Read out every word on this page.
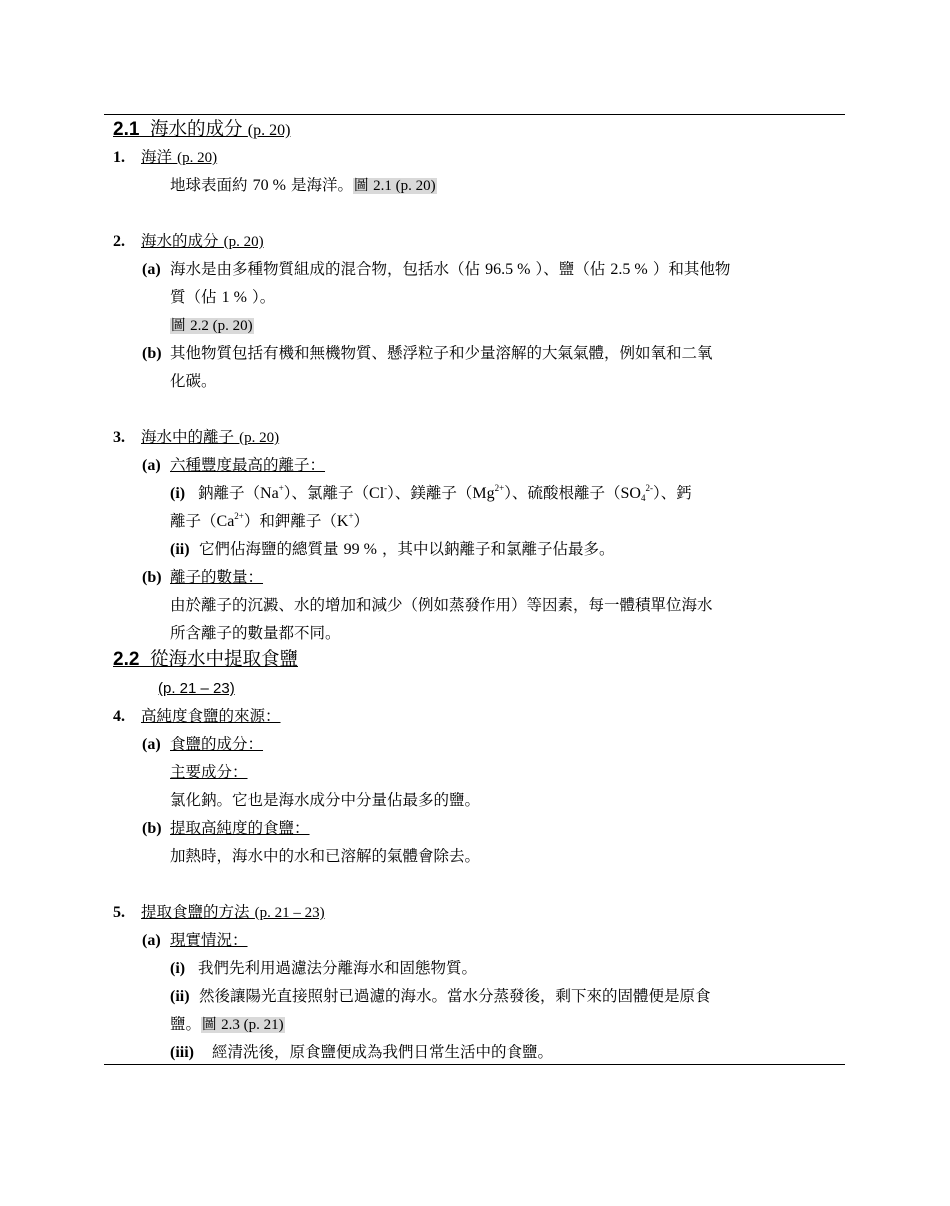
2.1 海水的成分 (p. 20)
1. 海洋 (p. 20)
地球表面約 70 % 是海洋。圖 2.1 (p. 20)
2. 海水的成分 (p. 20)
(a) 海水是由多種物質組成的混合物，包括水（佔 96.5 % ）、鹽（佔 2.5 % ）和其他物
質（佔 1 % ）。
圖 2.2 (p. 20)
(b) 其他物質包括有機和無機物質、懸浮粒子和少量溶解的大氣氣體，例如氧和二氧
化碳。
3. 海水中的離子 (p. 20)
(a) 六種豐度最高的離子：
(i) 鈉離子（Na+）、氯離子（Cl-）、鎂離子$(Mg^{2+})$、硫酸根離子$(SO_4^{2-})$、鈣
離子$(Ca^{2+})$和鉀離子（K+）
(ii) 它們佔海鹽的總質量 99 % ，其中以鈉離子和氯離子佔最多。
(b) 離子的數量：
由於離子的沉澱、水的增加和減少（例如蒸發作用）等因素，每一體積單位海水
所含離子的數量都不同。
2.2 從海水中提取食鹽
(p. 21 – 23)
4. 高純度食鹽的來源：
(a) 食鹽的成分：
主要成分：
氯化鈉。它也是海水成分中分量佔最多的鹽。
(b) 提取高純度的食鹽：
加熱時，海水中的水和已溶解的氣體會除去。
5. 提取食鹽的方法 (p. 21 – 23)
(a) 現實情況：
(i) 我們先利用過濾法分離海水和固態物質。
(ii) 然後讓陽光直接照射已過濾的海水。當水分蒸發後，剩下來的固體便是原食
鹽。圖 2.3 (p. 21)
(iii) 經清洗後，原食鹽便成為我們日常生活中的食鹽。
